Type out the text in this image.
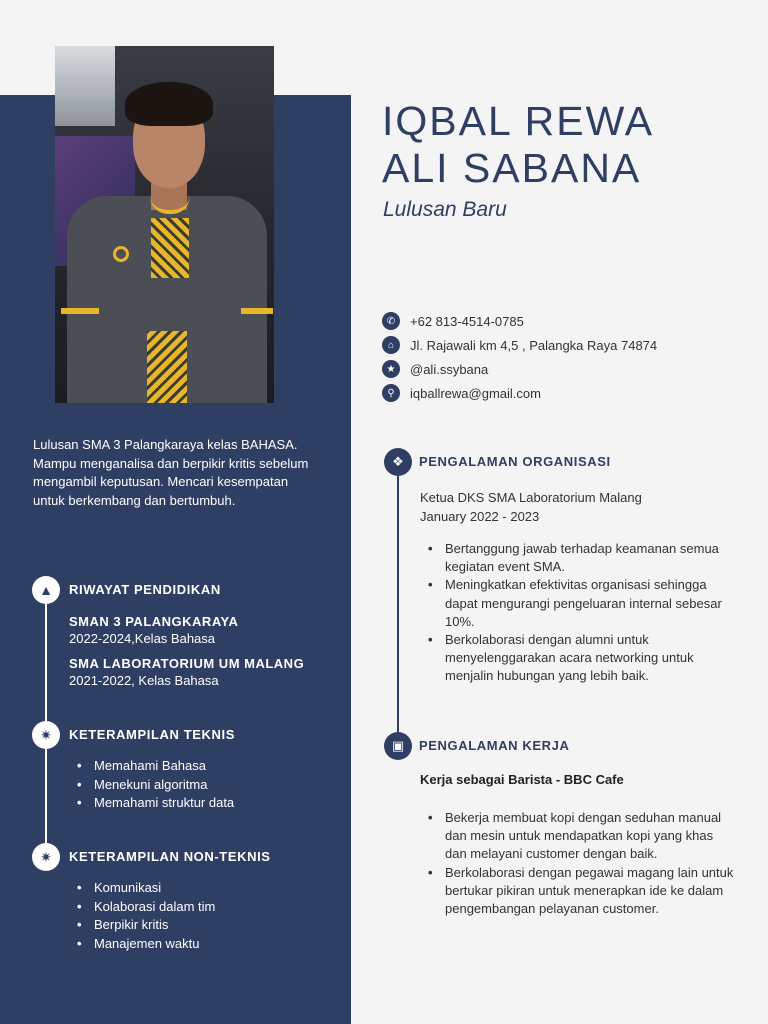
IQBAL REWA
ALI SABANA
Lulusan Baru
✆	+62 813-4514-0785
⌂	Jl. Rajawali km 4,5 , Palangka Raya 74874
★	@ali.ssybana
⚲	iqballrewa@gmail.com

Lulusan SMA 3 Palangkaraya kelas BAHASA. Mampu menganalisa dan berpikir kritis sebelum mengambil keputusan. Mencari kesempatan untuk berkembang dan bertumbuh.

▲	RIWAYAT PENDIDIKAN
SMAN 3 PALANGKARAYA
2022-2024,Kelas Bahasa
SMA LABORATORIUM UM MALANG
2021-2022, Kelas Bahasa
✷	KETERAMPILAN TEKNIS
• Memahami Bahasa
• Menekuni algoritma
• Memahami struktur data
✷	KETERAMPILAN NON-TEKNIS
• Komunikasi
• Kolaborasi dalam tim
• Berpikir kritis
• Manajemen waktu
❖	PENGALAMAN ORGANISASI
Ketua DKS SMA Laboratorium Malang
January 2022 - 2023
• Bertanggung jawab terhadap keamanan semua kegiatan event SMA.
• Meningkatkan efektivitas organisasi sehingga dapat mengurangi pengeluaran internal sebesar 10%.
• Berkolaborasi dengan alumni untuk menyelenggarakan acara networking untuk menjalin hubungan yang lebih baik.
▣	PENGALAMAN KERJA
Kerja sebagai Barista - BBC Cafe
• Bekerja membuat kopi dengan seduhan manual dan mesin untuk mendapatkan kopi yang khas dan melayani customer dengan baik.
• Berkolaborasi dengan pegawai magang lain untuk bertukar pikiran untuk menerapkan ide ke dalam pengembangan pelayanan customer.
